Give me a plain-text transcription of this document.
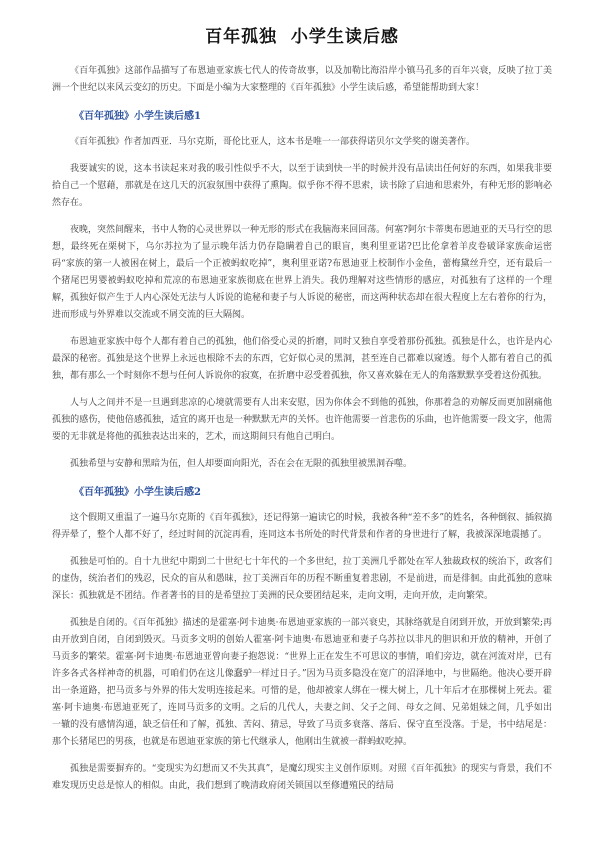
百年孤独  小学生读后感

《百年孤独》这部作品描写了布恩迪亚家族七代人的传奇故事，以及加勒比海沿岸小镇马孔多的百年兴衰，反映了拉丁美洲一个世纪以来风云变幻的历史。下面是小编为大家整理的《百年孤独》小学生读后感，希望能帮助到大家！

《百年孤独》小学生读后感1

《百年孤独》作者加西亚．马尔克斯，哥伦比亚人，这本书是唯一一部获得诺贝尔文学奖的谢美著作。

我要诚实的说，这本书读起来对我的吸引性似乎不大，以至于读到快一半的时候并没有品读出任何好的东西，如果我非要拾自己一个慰藉，那就是在这几天的沉寂氛围中获得了熏陶。似乎你不得不思索，读书除了启迪和思索外，有种无形的影响必然存在。

夜晚，突然间醒来，书中人物的心灵世界以一种无形的形式在我脑海来回回荡。何塞?阿尔卡蒂奥布恩迪亚的天马行空的思想，最终死在栗树下，乌尔苏拉为了显示晚年活力仍存隐瞒着自己的眼盲，奥利里亚诺?巴比伦拿着羊皮卷破译家族命运密码“家族的第一人被困在树上，最后一个正被蚂蚁吃掉”，奥利里亚诺?布恩迪亚上校制作小金鱼，蕾梅黛丝升空，还有最后一个猪尾巴男婴被蚂蚁吃掉和荒凉的布恩迪亚家族彻底在世界上消失。我仍理解对这些情形的感应，对孤独有了这样的一个理解，孤独好似产生于人内心深处无法与人诉说的诡秘和妻子与人诉说的秘密，而这两种状态却在很大程度上左右着你的行为，进而形成与外界难以交流或不屑交流的巨大隔阂。

布恩迪亚家族中每个人都有着自己的孤独，他们俗受心灵的折磨，同时又独自享受着那份孤独。孤独是什么，也许是内心最深的秘密。孤独是这个世界上永远也根除不去的东西，它好似心灵的黑洞，甚至连自己都难以窥透。每个人都有着自己的孤独，都有那么一个时刻你不想与任何人诉说你的寂寞，在折磨中忍受着孤独，你又喜欢躲在无人的角落默默享受着这份孤独。

人与人之间并不是一旦遇到悲凉的心境就需要有人出来安慰，因为你体会不到他的孤独，你那着急的劝解反而更加剧痛他孤独的感伤，使他倍感孤独，适宜的离开也是一种默默无声的关怀。也许他需要一首悲伤的乐曲，也许他需要一段文字，他需要的无非就是将他的孤独表达出来的，艺术，而这期间只有他自己明白。

孤独希望与安静和黑暗为伍，但人却要面向阳光，否在会在无限的孤独里被黑洞吞噬。

《百年孤独》小学生读后感2

这个假期又重温了一遍马尔克斯的《百年孤独》，还记得第一遍读它的时候，我被各种“差不多”的姓名，各种倒叙、插叙搞得弄晕了，整个人都不好了，经过时间的沉淀再看，连同这本书所处的时代背景和作者的身世进行了解，我被深深地震撼了。

孤独是可怕的。自十九世纪中期到二十世纪七十年代的一个多世纪，拉丁美洲几乎都处在军人独裁政权的统治下，政客们的虚伪，统治者们的残忍，民众的盲从和愚昧，拉丁美洲百年的历程不断重复着悲剧，不是前进，而是徘徊。由此孤独的意味深长：孤独就是不团结。作者著书的目的是希望拉丁美洲的民众要团结起来，走向文明，走向开放，走向繁荣。

孤独是自闭的。《百年孤独》描述的是霍塞·阿卡迪奥·布恩迪亚家族的一部兴衰史，其脉络就是自闭到开放，开放到繁荣;再由开放到自闭，自闭到毁灭。马贡多文明的创始人霍塞·阿卡迪奥·布恩迪亚和妻子乌苏拉以非凡的胆识和开放的精神，开创了马贡多的繁荣。霍塞·阿卡迪奥·布恩迪亚曾向妻子抱怨说：“世界上正在发生不可思议的事情，咱们旁边，就在河流对岸，已有许多各式各样神奇的机器，可咱们仍在这儿像蠢驴一样过日子。”因为马贡多隐没在宽广的沼泽地中，与世隔绝。他决心要开辟出一条道路，把马贡多与外界的伟大发明连接起来。可惜的是，他却被家人绑在一棵大树上，几十年后才在那棵树上死去。霍塞·阿卡迪奥·布恩迪亚死了，连同马贡多的文明。之后的几代人，夫妻之间、父子之间、母女之间、兄弟姐妹之间，几乎如出一辙的没有感情沟通，缺乏信任和了解，孤独、苦闷、猜忌，导致了马贡多衰落、落后、保守直至没落。于是，书中结尾是：那个长猪尾巴的男孩，也就是布恩迪亚家族的第七代继承人，他刚出生就被一群蚂蚁吃掉。

孤独是需要摒弃的。“变现实为幻想而又不失其真”，是魔幻现实主义创作原则。对照《百年孤独》的现实与背景，我们不难发现历史总是惊人的相似。由此，我们想到了晚清政府闭关锁国以至修遭殖民的结局
